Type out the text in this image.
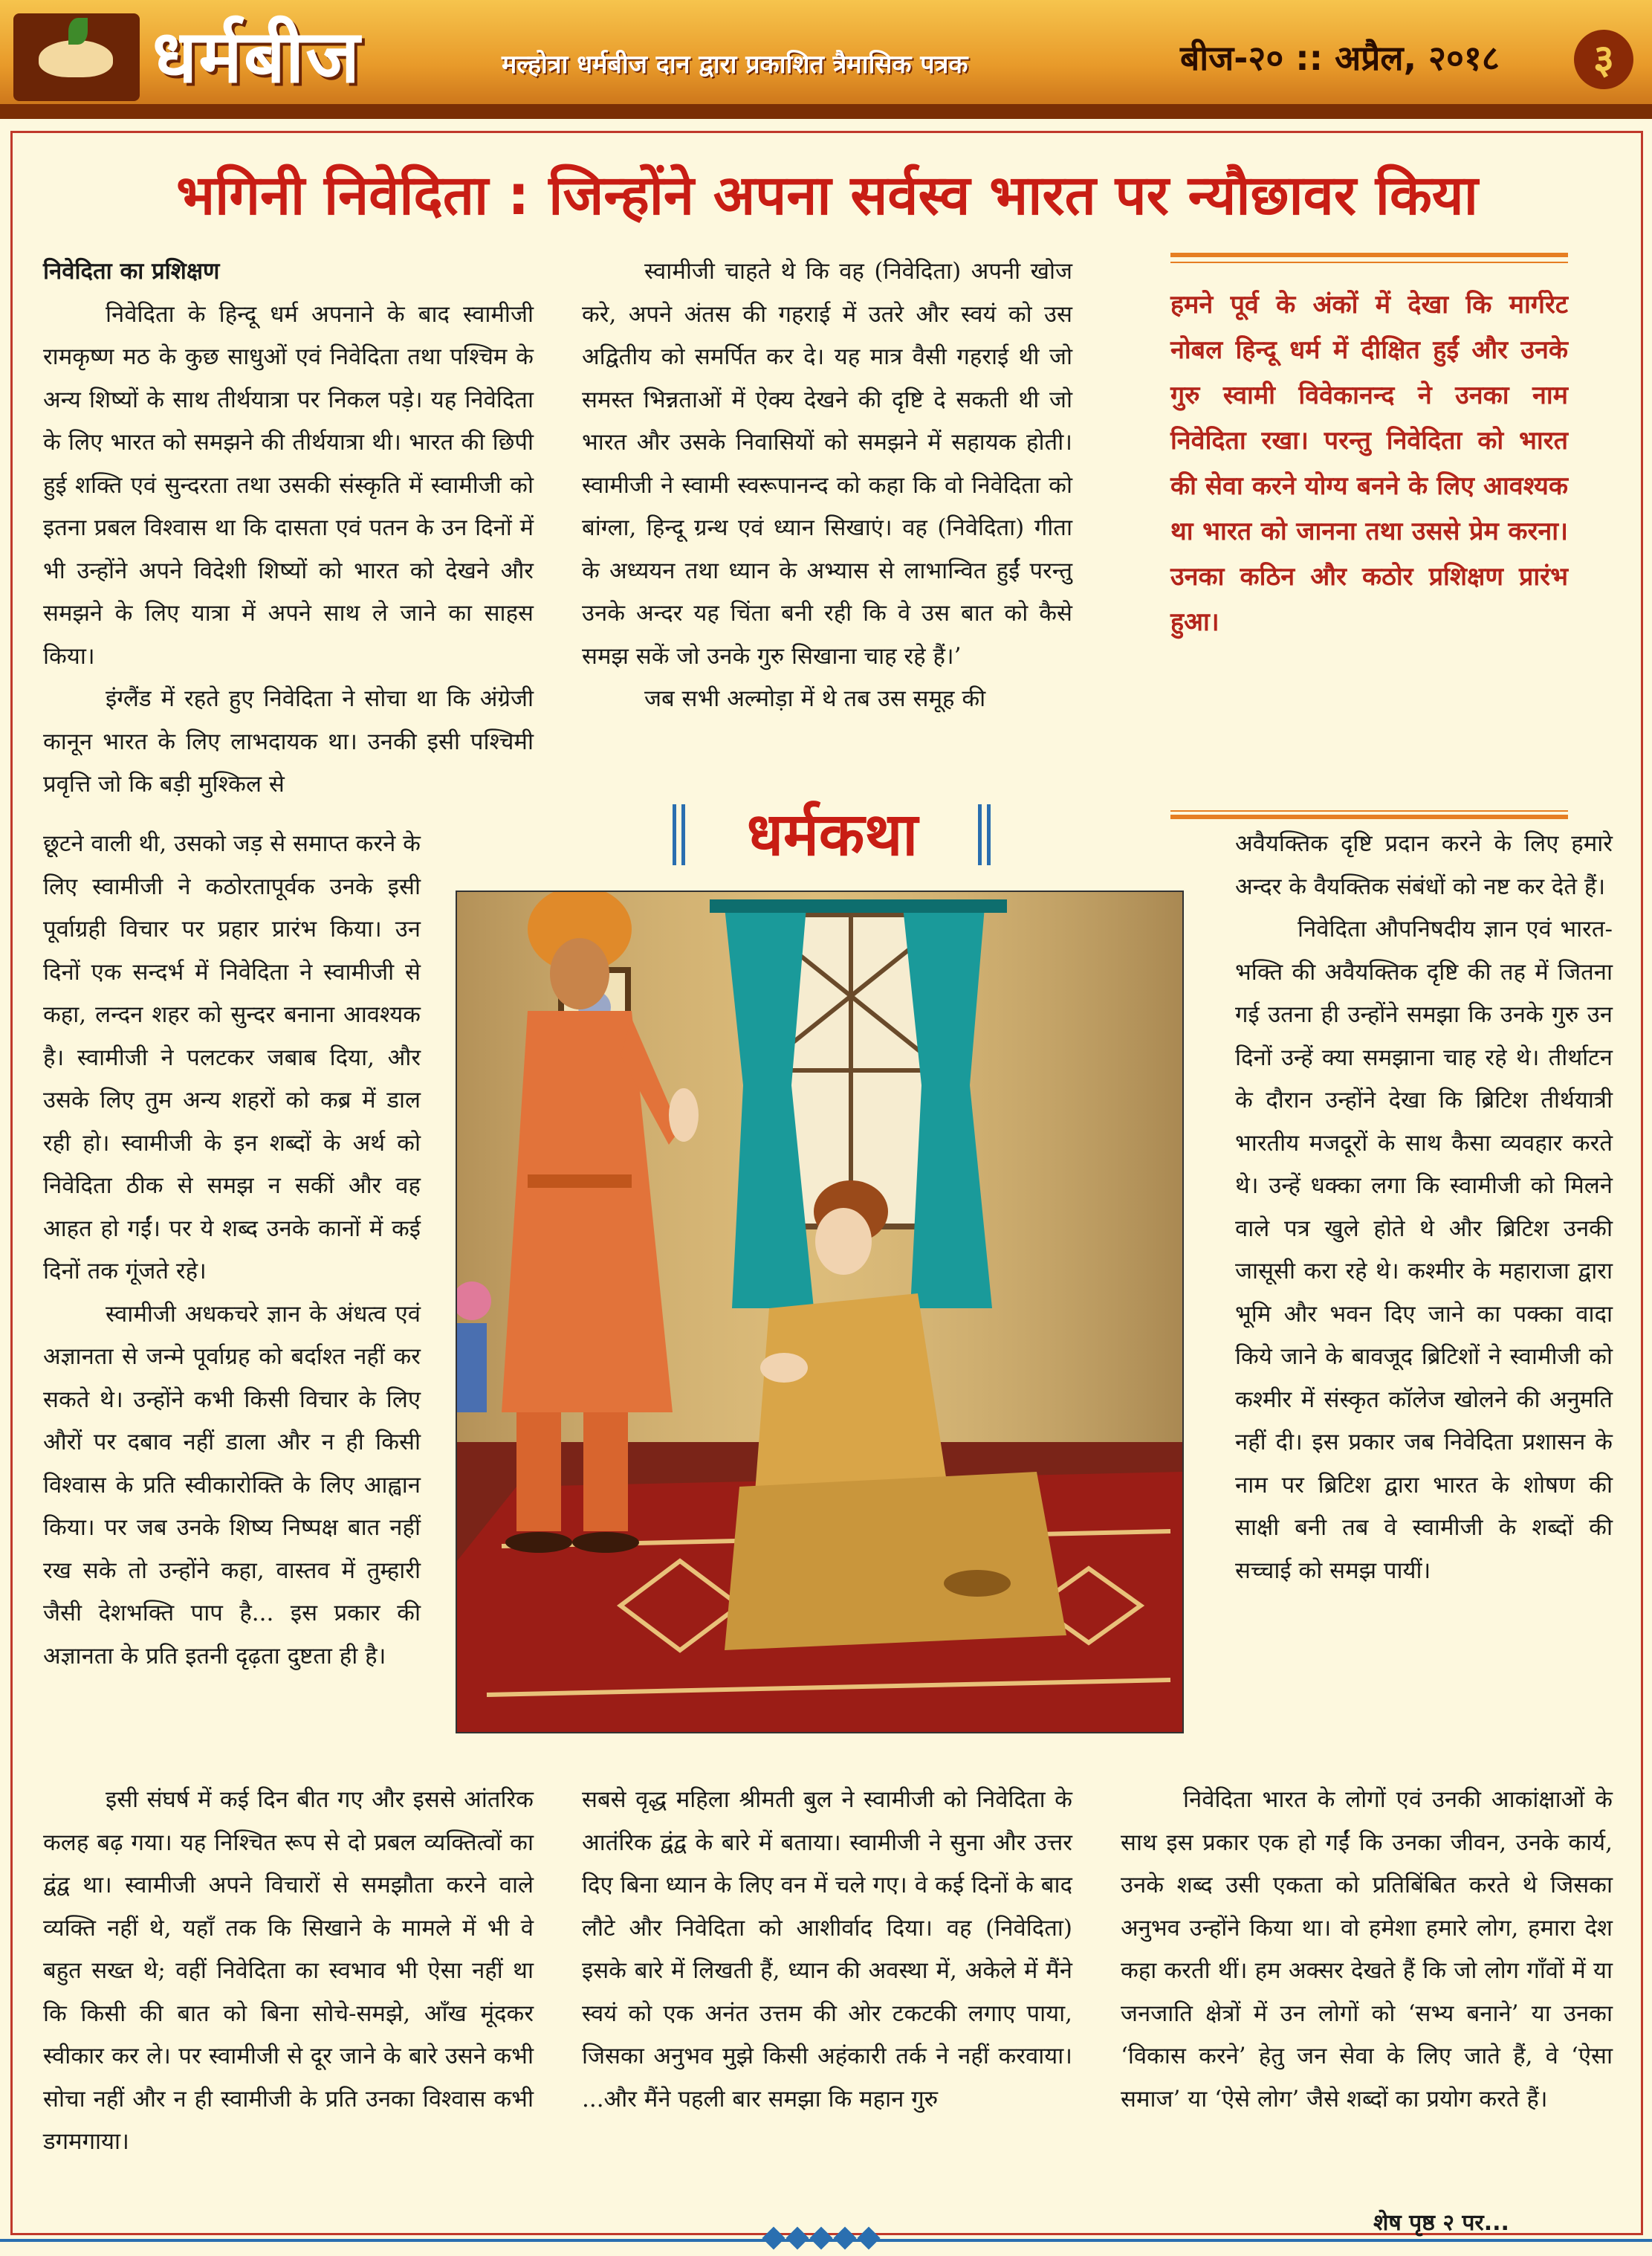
धर्मबीज	मल्होत्रा धर्मबीज दान द्वारा प्रकाशित त्रैमासिक पत्रक	बीज-२० :: अप्रैल, २०१८	३
भगिनी निवेदिता : जिन्होंने अपना सर्वस्व भारत पर न्यौछावर किया

निवेदिता का प्रशिक्षण

निवेदिता के हिन्दू धर्म अपनाने के बाद स्वामीजी रामकृष्ण मठ के कुछ साधुओं एवं निवेदिता तथा पश्चिम के अन्य शिष्यों के साथ तीर्थयात्रा पर निकल पड़े। यह निवेदिता के लिए भारत को समझने की तीर्थयात्रा थी। भारत की छिपी हुई शक्ति एवं सुन्दरता तथा उसकी संस्कृति में स्वामीजी को इतना प्रबल विश्वास था कि दासता एवं पतन के उन दिनों में भी उन्होंने अपने विदेशी शिष्यों को भारत को देखने और समझने के लिए यात्रा में अपने साथ ले जाने का साहस किया।

इंग्लैंड में रहते हुए निवेदिता ने सोचा था कि अंग्रेजी कानून भारत के लिए लाभदायक था। उनकी इसी पश्चिमी प्रवृत्ति जो कि बड़ी मुश्किल से

छूटने वाली थी, उसको जड़ से समाप्त करने के लिए स्वामीजी ने कठोरतापूर्वक उनके इसी पूर्वाग्रही विचार पर प्रहार प्रारंभ किया। उन दिनों एक सन्दर्भ में निवेदिता ने स्वामीजी से कहा, लन्दन शहर को सुन्दर बनाना आवश्यक है। स्वामीजी ने पलटकर जबाब दिया, और उसके लिए तुम अन्य शहरों को कब्र में डाल रही हो। स्वामीजी के इन शब्दों के अर्थ को निवेदिता ठीक से समझ न सकीं और वह आहत हो गईं। पर ये शब्द उनके कानों में कई दिनों तक गूंजते रहे।

स्वामीजी अधकचरे ज्ञान के अंधत्व एवं अज्ञानता से जन्मे पूर्वाग्रह को बर्दाश्त नहीं कर सकते थे। उन्होंने कभी किसी विचार के लिए औरों पर दबाव नहीं डाला और न ही किसी विश्वास के प्रति स्वीकारोक्ति के लिए आह्वान किया। पर जब उनके शिष्य निष्पक्ष बात नहीं रख सके तो उन्होंने कहा, वास्तव में तुम्हारी जैसी देशभक्ति पाप है... इस प्रकार की अज्ञानता के प्रति इतनी दृढ़ता दुष्टता ही है।

इसी संघर्ष में कई दिन बीत गए और इससे आंतरिक कलह बढ़ गया। यह निश्चित रूप से दो प्रबल व्यक्तित्वों का द्वंद्व था। स्वामीजी अपने विचारों से समझौता करने वाले व्यक्ति नहीं थे, यहाँ तक कि सिखाने के मामले में भी वे बहुत सख्त थे; वहीं निवेदिता का स्वभाव भी ऐसा नहीं था कि किसी की बात को बिना सोचे-समझे, आँख मूंदकर स्वीकार कर ले। पर स्वामीजी से दूर जाने के बारे उसने कभी सोचा नहीं और न ही स्वामीजी के प्रति उनका विश्वास कभी डगमगाया।

स्वामीजी चाहते थे कि वह (निवेदिता) अपनी खोज करे, अपने अंतस की गहराई में उतरे और स्वयं को उस अद्वितीय को समर्पित कर दे। यह मात्र वैसी गहराई थी जो समस्त भिन्नताओं में ऐक्य देखने की दृष्टि दे सकती थी जो भारत और उसके निवासियों को समझने में सहायक होती। स्वामीजी ने स्वामी स्वरूपानन्द को कहा कि वो निवेदिता को बांग्ला, हिन्दू ग्रन्थ एवं ध्यान सिखाएं। वह (निवेदिता) गीता के अध्ययन तथा ध्यान के अभ्यास से लाभान्वित हुईं परन्तु उनके अन्दर यह चिंता बनी रही कि वे उस बात को कैसे समझ सकें जो उनके गुरु सिखाना चाह रहे हैं।’

जब सभी अल्मोड़ा में थे तब उस समूह की

सबसे वृद्ध महिला श्रीमती बुल ने स्वामीजी को निवेदिता के आतंरिक द्वंद्व के बारे में बताया। स्वामीजी ने सुना और उत्तर दिए बिना ध्यान के लिए वन में चले गए। वे कई दिनों के बाद लौटे और निवेदिता को आशीर्वाद दिया। वह (निवेदिता) इसके बारे में लिखती हैं, ध्यान की अवस्था में, अकेले में मैंने स्वयं को एक अनंत उत्तम की ओर टकटकी लगाए पाया, जिसका अनुभव मुझे किसी अहंकारी तर्क ने नहीं करवाया। ...और मैंने पहली बार समझा कि महान गुरु

हमने पूर्व के अंकों में देखा कि मार्गरेट नोबल हिन्दू धर्म में दीक्षित हुईं और उनके गुरु स्वामी विवेकानन्द ने उनका नाम निवेदिता रखा। परन्तु निवेदिता को भारत की सेवा करने योग्य बनने के लिए आवश्यक था भारत को जानना तथा उससे प्रेम करना। उनका कठिन और कठोर प्रशिक्षण प्रारंभ हुआ।
धर्मकथा	अवैयक्तिक दृष्टि प्रदान करने के लिए हमारे अन्दर के वैयक्तिक संबंधों को नष्ट कर देते हैं।

निवेदिता औपनिषदीय ज्ञान एवं भारत-भक्ति की अवैयक्तिक दृष्टि की तह में जितना गई उतना ही उन्होंने समझा कि उनके गुरु उन दिनों उन्हें क्या समझाना चाह रहे थे। तीर्थाटन के दौरान उन्होंने देखा कि ब्रिटिश तीर्थयात्री भारतीय मजदूरों के साथ कैसा व्यवहार करते थे। उन्हें धक्का लगा कि स्वामीजी को मिलने वाले पत्र खुले होते थे और ब्रिटिश उनकी जासूसी करा रहे थे। कश्मीर के महाराजा द्वारा भूमि और भवन दिए जाने का पक्का वादा किये जाने के बावजूद ब्रिटिशों ने स्वामीजी को कश्मीर में संस्कृत कॉलेज खोलने की अनुमति नहीं दी। इस प्रकार जब निवेदिता प्रशासन के नाम पर ब्रिटिश द्वारा भारत के शोषण की साक्षी बनी तब वे स्वामीजी के शब्दों की सच्चाई को समझ पायीं।

निवेदिता भारत के लोगों एवं उनकी आकांक्षाओं के साथ इस प्रकार एक हो गईं कि उनका जीवन, उनके कार्य, उनके शब्द उसी एकता को प्रतिबिंबित करते थे जिसका अनुभव उन्होंने किया था। वो हमेशा हमारे लोग, हमारा देश कहा करती थीं। हम अक्सर देखते हैं कि जो लोग गाँवों में या जनजाति क्षेत्रों में उन लोगों को ‘सभ्य बनाने’ या उनका ‘विकास करने’ हेतु जन सेवा के लिए जाते हैं, वे ‘ऐसा समाज’ या ‘ऐसे लोग’ जैसे शब्दों का प्रयोग करते हैं।

शेष पृष्ठ २ पर...
